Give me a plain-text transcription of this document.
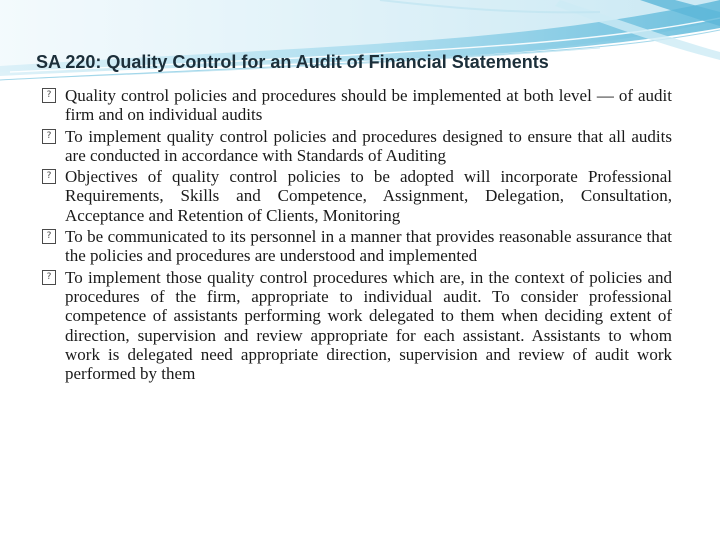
SA 220: Quality Control for an Audit of Financial Statements
? Quality control policies and procedures should be implemented at both level — of audit firm and on individual audits
? To implement quality control policies and procedures designed to ensure that all audits are conducted in accordance with Standards of Auditing
? Objectives of quality control policies to be adopted will incorporate Professional Requirements, Skills and Competence, Assignment, Delegation, Consultation, Acceptance and Retention of Clients, Monitoring
? To be communicated to its personnel in a manner that provides reasonable assurance that the policies and procedures are understood and implemented
? To implement those quality control procedures which are, in the context of policies and procedures of the firm, appropriate to individual audit. To consider professional competence of assistants performing work delegated to them when deciding extent of direction, supervision and review appropriate for each assistant. Assistants to whom work is delegated need appropriate direction, supervision and review of audit work performed by them
